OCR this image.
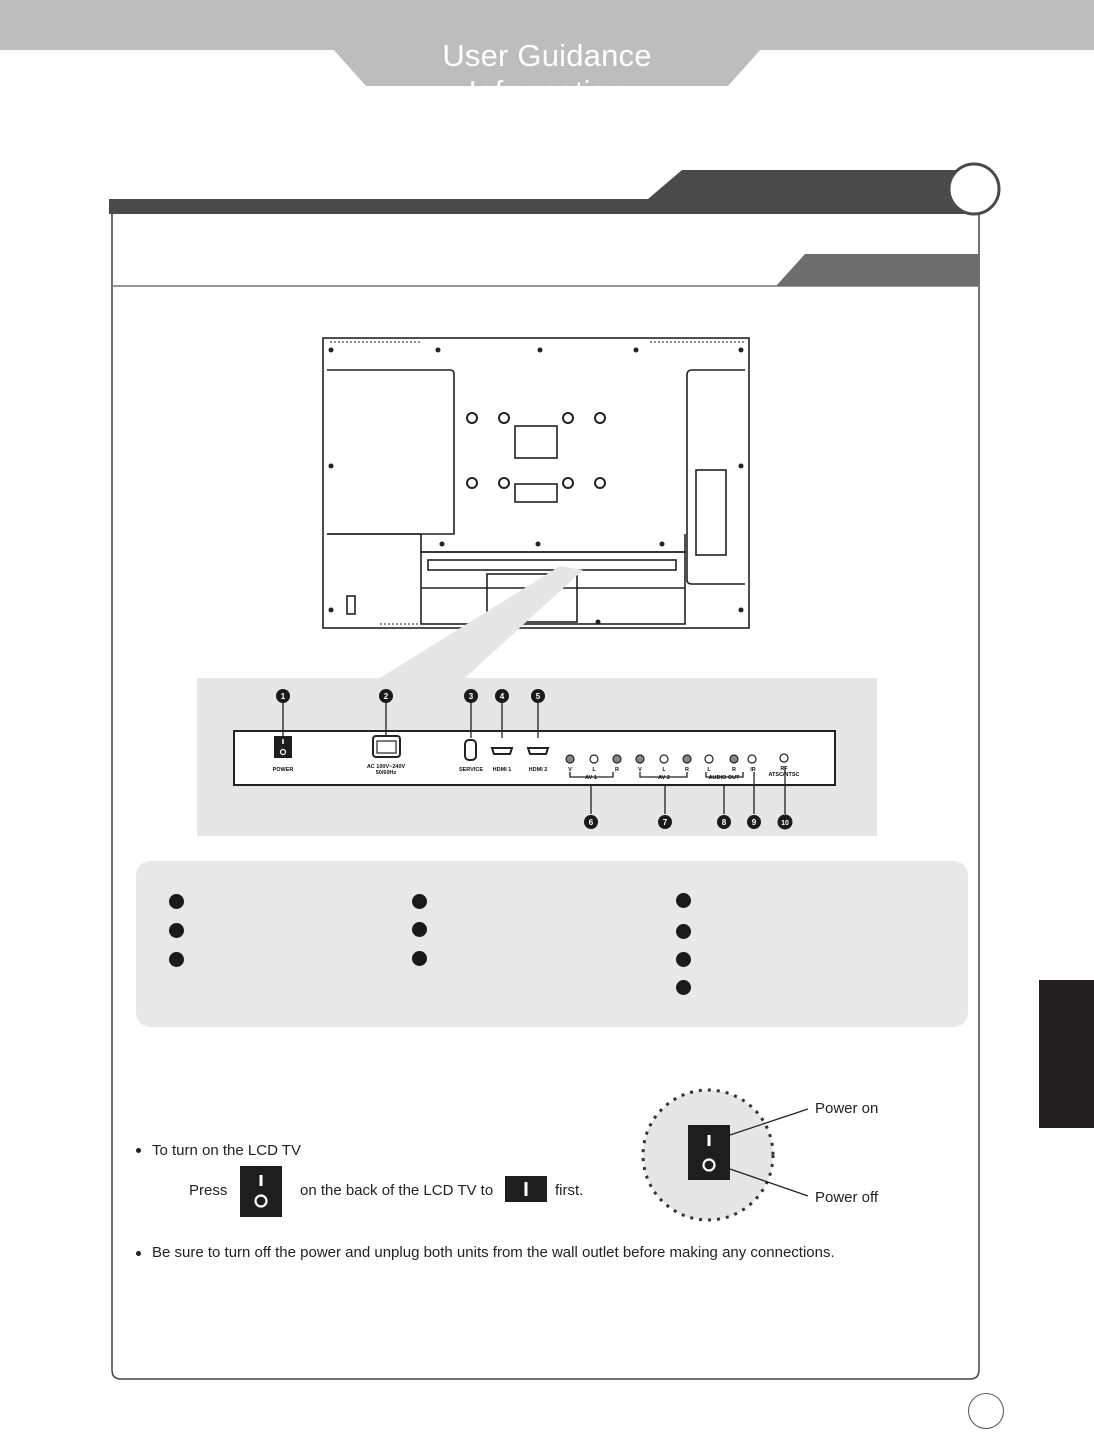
User Guidance Information
1	2	3	4	5
6	7	8	9	10
POWER	AC 100V~240V
50/60Hz	SERVICE HDMI 1	HDMI 2	V	L	R	V	L	R	L	R	IR	RF
ATSC/NTSC
AV 1	AV 2	AUDIO OUT
To turn on the LCD TV
Press	on the back of the LCD TV to	first.
Be sure to turn off the power and unplug both units from the wall outlet before making any connections.
Power on
Power off
